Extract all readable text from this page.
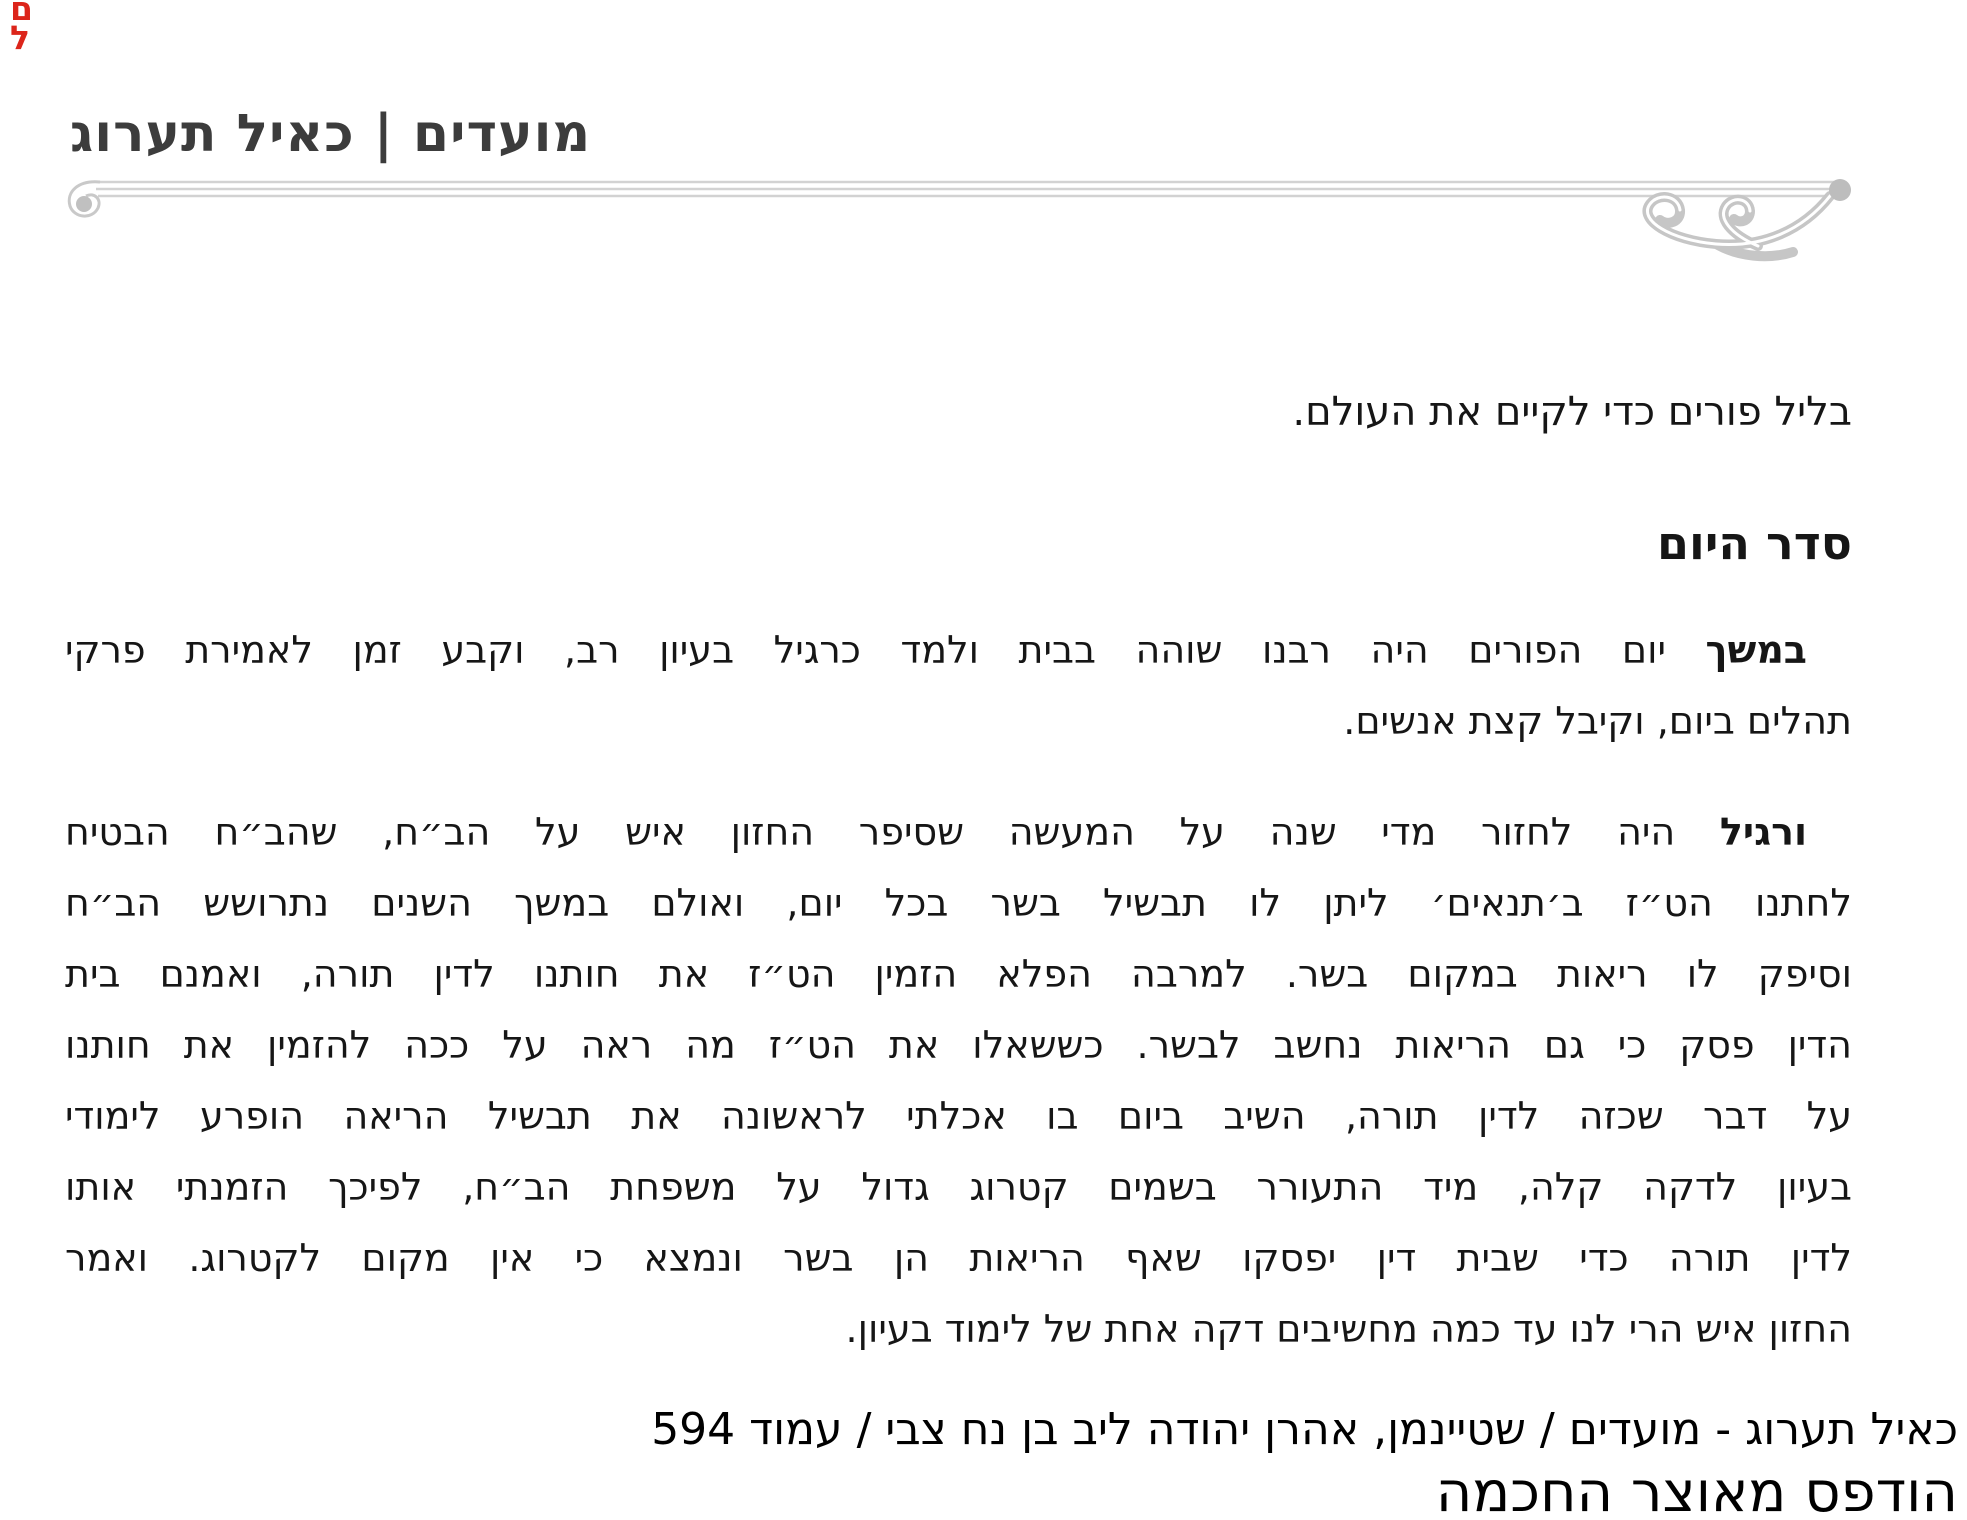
ם
ל
מועדים | כאיל תערוג
בליל פורים כדי לקיים את העולם.
סדר היום
במשך יום הפורים היה רבנו שוהה בבית ולמד כרגיל בעיון רב, וקבע זמן לאמירת פרקי
תהלים ביום, וקיבל קצת אנשים.
ורגיל היה לחזור מדי שנה על המעשה שסיפר החזון איש על הב״ח, שהב״ח הבטיח
לחתנו הט״ז ב׳תנאים׳ ליתן לו תבשיל בשר בכל יום, ואולם במשך השנים נתרושש הב״ח
וסיפק לו ריאות במקום בשר. למרבה הפלא הזמין הט״ז את חותנו לדין תורה, ואמנם בית
הדין פסק כי גם הריאות נחשב לבשר. כששאלו את הט״ז מה ראה על ככה להזמין את חותנו
על דבר שכזה לדין תורה, השיב ביום בו אכלתי לראשונה את תבשיל הריאה הופרע לימודי
בעיון לדקה קלה, מיד התעורר בשמים קטרוג גדול על משפחת הב״ח, לפיכך הזמנתי אותו
לדין תורה כדי שבית דין יפסקו שאף הריאות הן בשר ונמצא כי אין מקום לקטרוג. ואמר
החזון איש הרי לנו עד כמה מחשיבים דקה אחת של לימוד בעיון.
כאיל תערוג - מועדים / שטיינמן, אהרן יהודה ליב בן נח צבי / עמוד 594
הודפס מאוצר החכמה
